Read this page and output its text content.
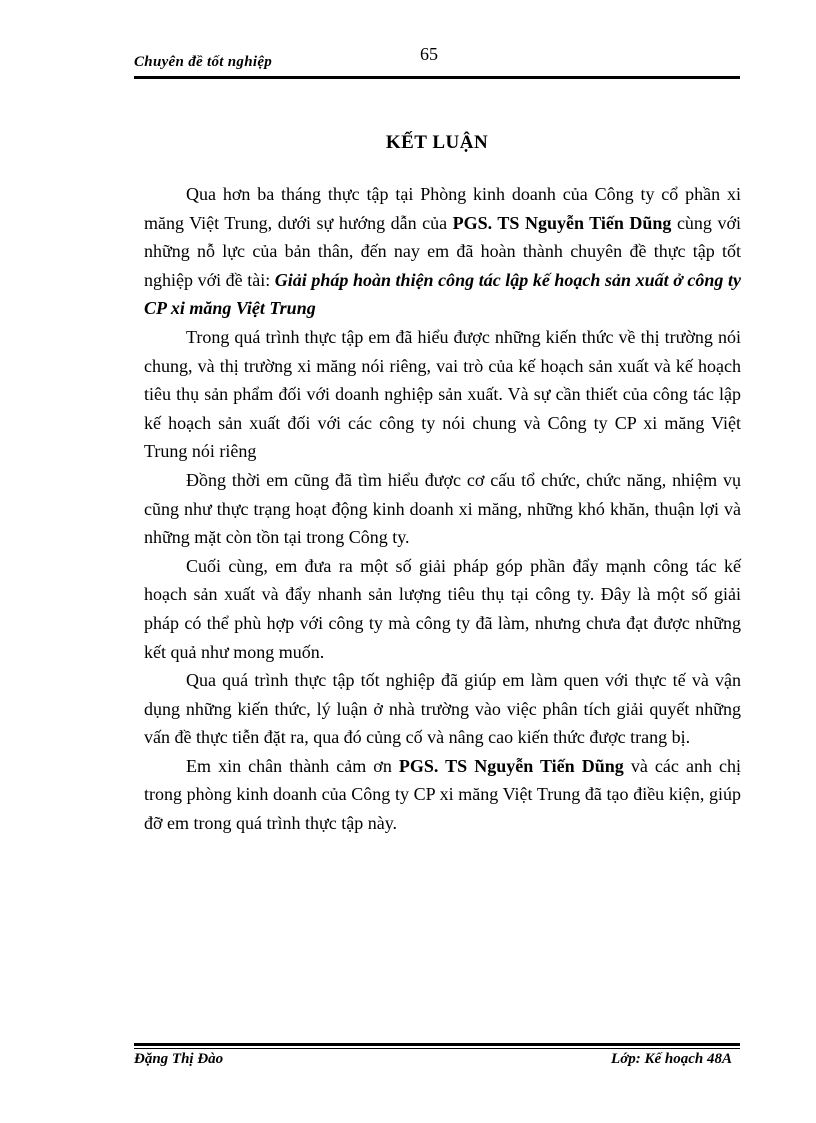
Chuyên đề tốt nghiệp	65
KẾT LUẬN

Qua hơn ba tháng thực tập tại Phòng kinh doanh của Công ty cổ phần xi măng Việt Trung, dưới sự hướng dẫn của PGS. TS Nguyễn Tiến Dũng cùng với những nỗ lực của bản thân, đến nay em đã hoàn thành chuyên đề thực tập tốt nghiệp với đề tài: Giải pháp hoàn thiện công tác lập kế hoạch sản xuất ở công ty CP xi măng Việt Trung

Trong quá trình thực tập em đã hiểu được những kiến thức về thị trường nói chung, và thị trường xi măng nói riêng, vai trò của kế hoạch sản xuất và kế hoạch tiêu thụ sản phẩm đối với doanh nghiệp sản xuất. Và sự cần thiết của công tác lập kế hoạch sản xuất đối với các công ty nói chung và Công ty CP xi măng Việt Trung nói riêng

Đồng thời em cũng đã tìm hiểu được cơ cấu tổ chức, chức năng, nhiệm vụ cũng như thực trạng hoạt động kinh doanh xi măng, những khó khăn, thuận lợi và những mặt còn tồn tại trong Công ty.

Cuối cùng, em đưa ra một số giải pháp góp phần đẩy mạnh công tác kế hoạch sản xuất và đẩy nhanh sản lượng tiêu thụ tại công ty. Đây là một số giải pháp có thể phù hợp với công ty mà công ty đã làm, nhưng chưa đạt được những kết quả như mong muốn.

Qua quá trình thực tập tốt nghiệp đã giúp em làm quen với thực tế và vận dụng những kiến thức, lý luận ở nhà trường vào việc phân tích giải quyết những vấn đề thực tiễn đặt ra, qua đó củng cố và nâng cao kiến thức được trang bị.

Em xin chân thành cảm ơn PGS. TS Nguyễn Tiến Dũng và các anh chị trong phòng kinh doanh của Công ty CP xi măng Việt Trung đã tạo điều kiện, giúp đỡ em trong quá trình thực tập này.

Đặng Thị Đào	Lớp: Kế hoạch 48A
